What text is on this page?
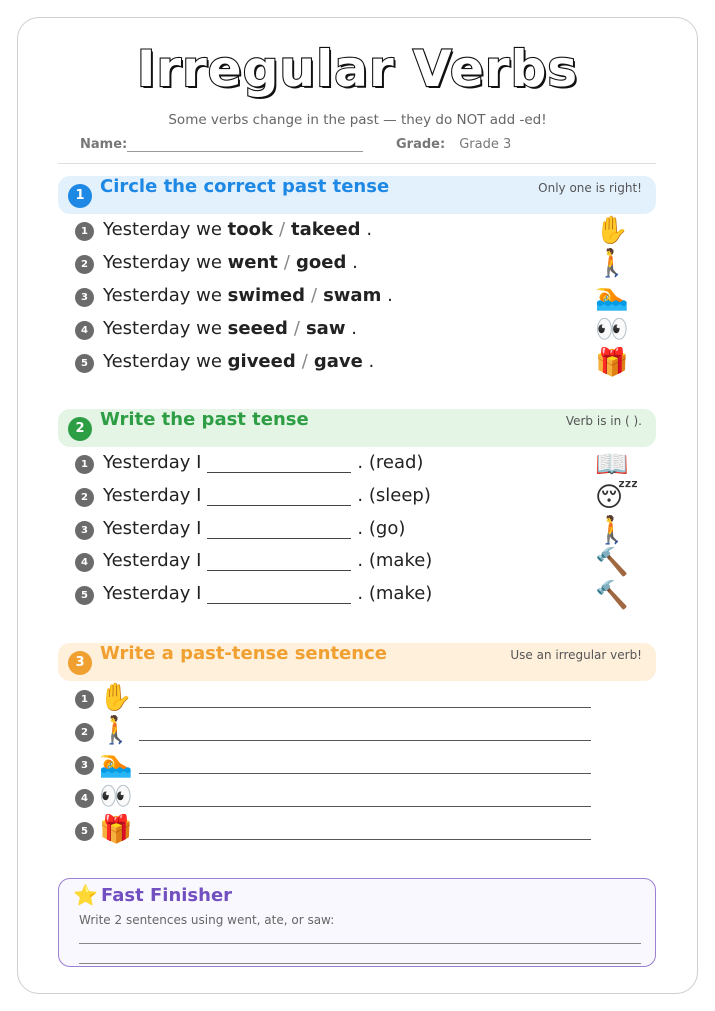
Irregular Verbs
Some verbs change in the past — they do NOT add -ed!
Name:	Grade: Grade 3
1 Circle the correct past tense	Only one is right!
1 Yesterday we took / takeed .
2 Yesterday we went / goed .
3 Yesterday we swimed / swam .
4 Yesterday we seeed / saw .
5 Yesterday we giveed / gave .
✋
🚶
🏊
👀
🎁
2 Write the past tense	Verb is in ( ).
1 Yesterday I	. (read)
2 Yesterday I	. (sleep)
3 Yesterday I	. (go)
4 Yesterday I	. (make)
5 Yesterday I	. (make)
📖
😴
🚶
🔨
🔨
3 Write a past-tense sentence	Use an irregular verb!
1 ✋
2 🚶
3 🏊
4 👀
5 🎁
⭐ Fast Finisher
Write 2 sentences using went, ate, or saw:
